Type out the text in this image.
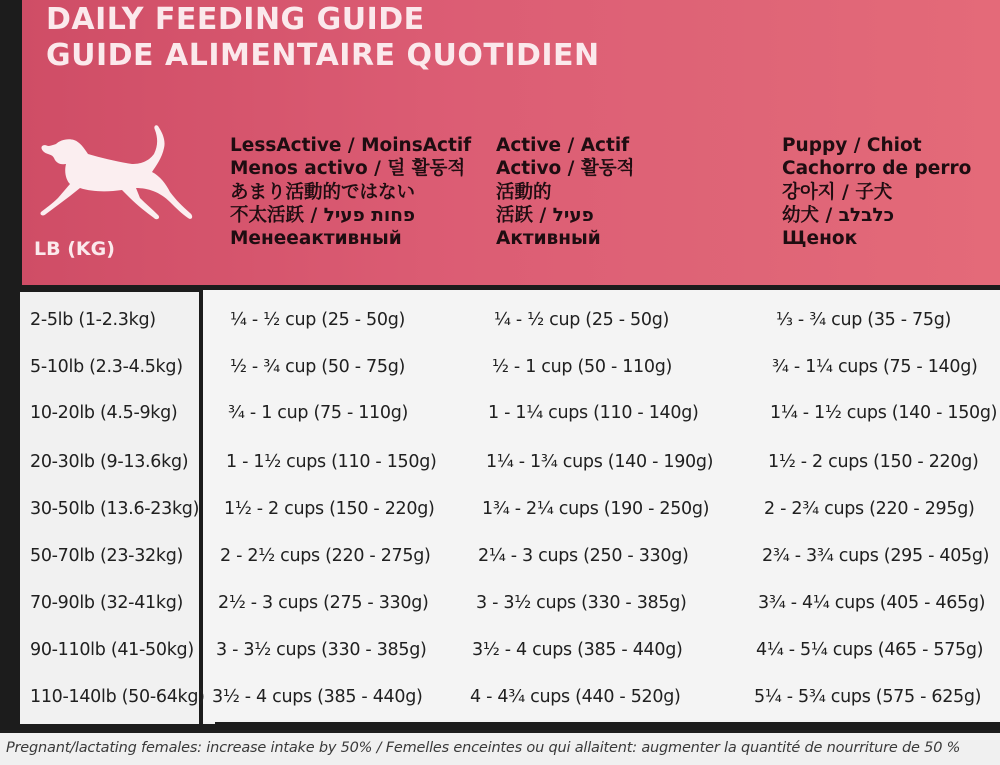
DAILY FEEDING GUIDE
GUIDE ALIMENTAIRE QUOTIDIEN
LB (KG)
LessActive / MoinsActif
Menos activo / 덜 활동적
あまり活動的ではない
不太活跃 / פחות פעיל
Менееактивный
Active / Actif
Activo / 활동적
活動的
活跃 / פעיל
Активный
Puppy / Chiot
Cachorro de perro
강아지 / 子犬
幼犬 / כלבלב
Щенок
2-5lb (1-2.3kg)	¼ - ½ cup (25 - 50g)	¼ - ½ cup (25 - 50g)	⅓ - ¾ cup (35 - 75g)
5-10lb (2.3-4.5kg)	½ - ¾ cup (50 - 75g)	½ - 1 cup (50 - 110g)	¾ - 1¼ cups (75 - 140g)
10-20lb (4.5-9kg)	¾ - 1 cup (75 - 110g)	1 - 1¼ cups (110 - 140g)	1¼ - 1½ cups (140 - 150g)
20-30lb (9-13.6kg) 1 - 1½ cups (110 - 150g)	1¼ - 1¾ cups (140 - 190g)	1½ - 2 cups (150 - 220g)
30-50lb (13.6-23kg) 1½ - 2 cups (150 - 220g)	1¾ - 2¼ cups (190 - 250g)	2 - 2¾ cups (220 - 295g)
50-70lb (23-32kg) 2 - 2½ cups (220 - 275g)	2¼ - 3 cups (250 - 330g)	2¾ - 3¾ cups (295 - 405g)
70-90lb (32-41kg) 2½ - 3 cups (275 - 330g)	3 - 3½ cups (330 - 385g)	3¾ - 4¼ cups (405 - 465g)
90-110lb (41-50kg) 3 - 3½ cups (330 - 385g)	3½ - 4 cups (385 - 440g)	4¼ - 5¼ cups (465 - 575g)
110-140lb (50-64kg) 3½ - 4 cups (385 - 440g)	4 - 4¾ cups (440 - 520g)	5¼ - 5¾ cups (575 - 625g)
Pregnant/lactating females: increase intake by 50% / Femelles enceintes ou qui allaitent: augmenter la quantité de nourriture de 50 %
